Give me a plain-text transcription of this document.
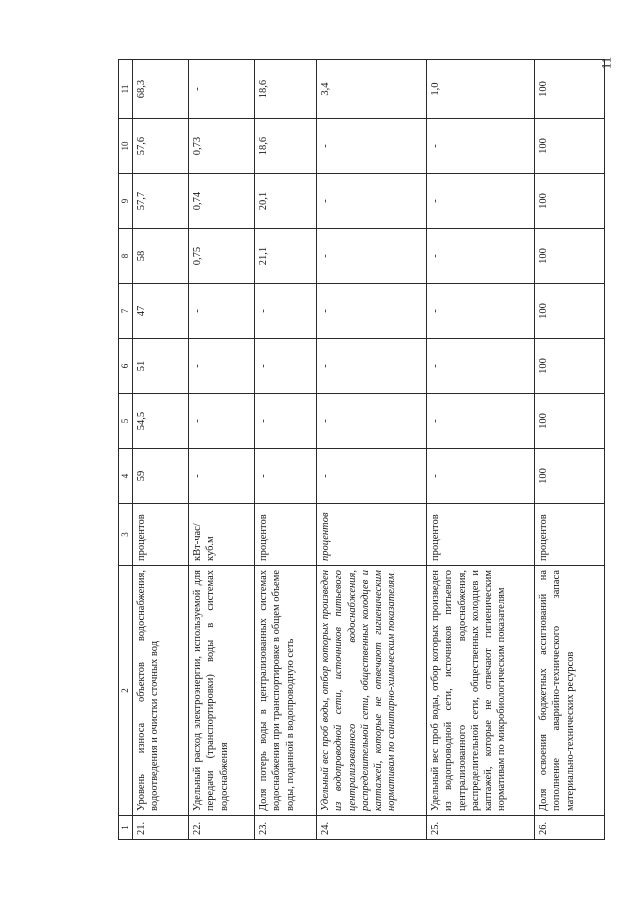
11
1	2	3	4	5	6	7	8	9	10	11
21.	Уровень износа объектов водоснабжения, водоотведения и очистки сточных вод	процентов	59	54,5	51	47	58	57,7	57,6	68,3
22.	Удельный расход электроэнергии, используемой для передачи (транспортировки) воды в системах водоснабжения	кВт-час/ куб.м	-	-	-	-	0,75	0,74	0,73	-
23.	Доля потерь воды в централизованных системах водоснабжения при транспортировке в общем объеме воды, поданной в водопроводную сеть	процентов	-	-	-	-	21,1	20,1	18,6	18,6
24.	Удельный вес проб воды, отбор которых произведен из водопроводной сети, источников питьевого централизованного водоснабжения, распределительной сети, общественных колодцев и каптажей, которые не отвечают гигиеническим нормативам по санитарно-химическим показателям	процентов	-	-	-	-	-	-	-	3,4
25.	Удельный вес проб воды, отбор которых произведен из водопроводной сети, источников питьевого централизованного водоснабжения, распределительной сети, общественных колодцев и каптажей, которые не отвечают гигиеническим нормативам по микробиологическим показателям	процентов	-	-	-	-	-	-	-	1,0
26.	Доля освоения бюджетных ассигнований на пополнение аварийно-технического запаса материально-технических ресурсов	процентов	100	100	100	100	100	100	100	100
